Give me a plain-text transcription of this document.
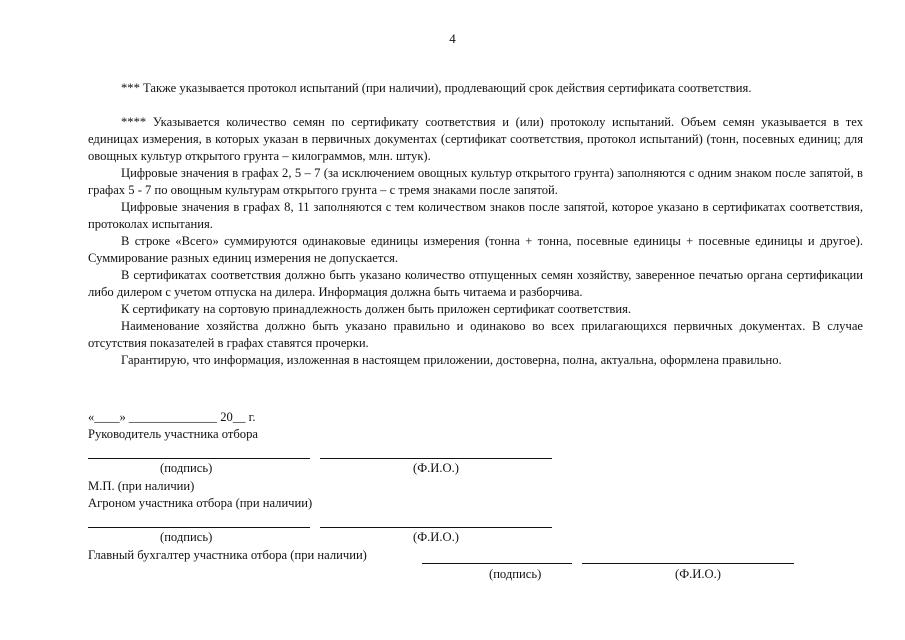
4

*** Также указывается протокол испытаний (при наличии), продлевающий срок действия сертификата соответствия.

**** Указывается количество семян по сертификату соответствия и (или) протоколу испытаний. Объем семян указывается в тех единицах измерения, в которых указан в первичных документах (сертификат соответствия, протокол испытаний) (тонн, посевных единиц; для овощных культур открытого грунта – килограммов, млн. штук).

Цифровые значения в графах 2, 5 – 7 (за исключением овощных культур открытого грунта) заполняются с одним знаком после запятой, в графах 5 - 7 по овощным культурам открытого грунта – с тремя знаками после запятой.

Цифровые значения в графах 8, 11 заполняются с тем количеством знаков после запятой, которое указано в сертификатах соответствия, протоколах испытания.

В строке «Всего» суммируются одинаковые единицы измерения (тонна + тонна, посевные единицы + посевные единицы и другое). Суммирование разных единиц измерения не допускается.

В сертификатах соответствия должно быть указано количество отпущенных семян хозяйству, заверенное печатью органа сертификации либо дилером с учетом отпуска на дилера. Информация должна быть читаема и разборчива.

К сертификату на сортовую принадлежность должен быть приложен сертификат соответствия.

Наименование хозяйства должно быть указано правильно и одинаково во всех прилагающихся первичных документах. В случае отсутствия показателей в графах ставятся прочерки.

Гарантирую, что информация, изложенная в настоящем приложении, достоверна, полна, актуальна, оформлена правильно.

«____» ______________ 20__ г.
Руководитель участника отбора
(подпись)	(Ф.И.О.)
М.П. (при наличии)
Агроном участника отбора (при наличии)
(подпись)	(Ф.И.О.)
Главный бухгалтер участника отбора (при наличии)
(подпись)	(Ф.И.О.)
